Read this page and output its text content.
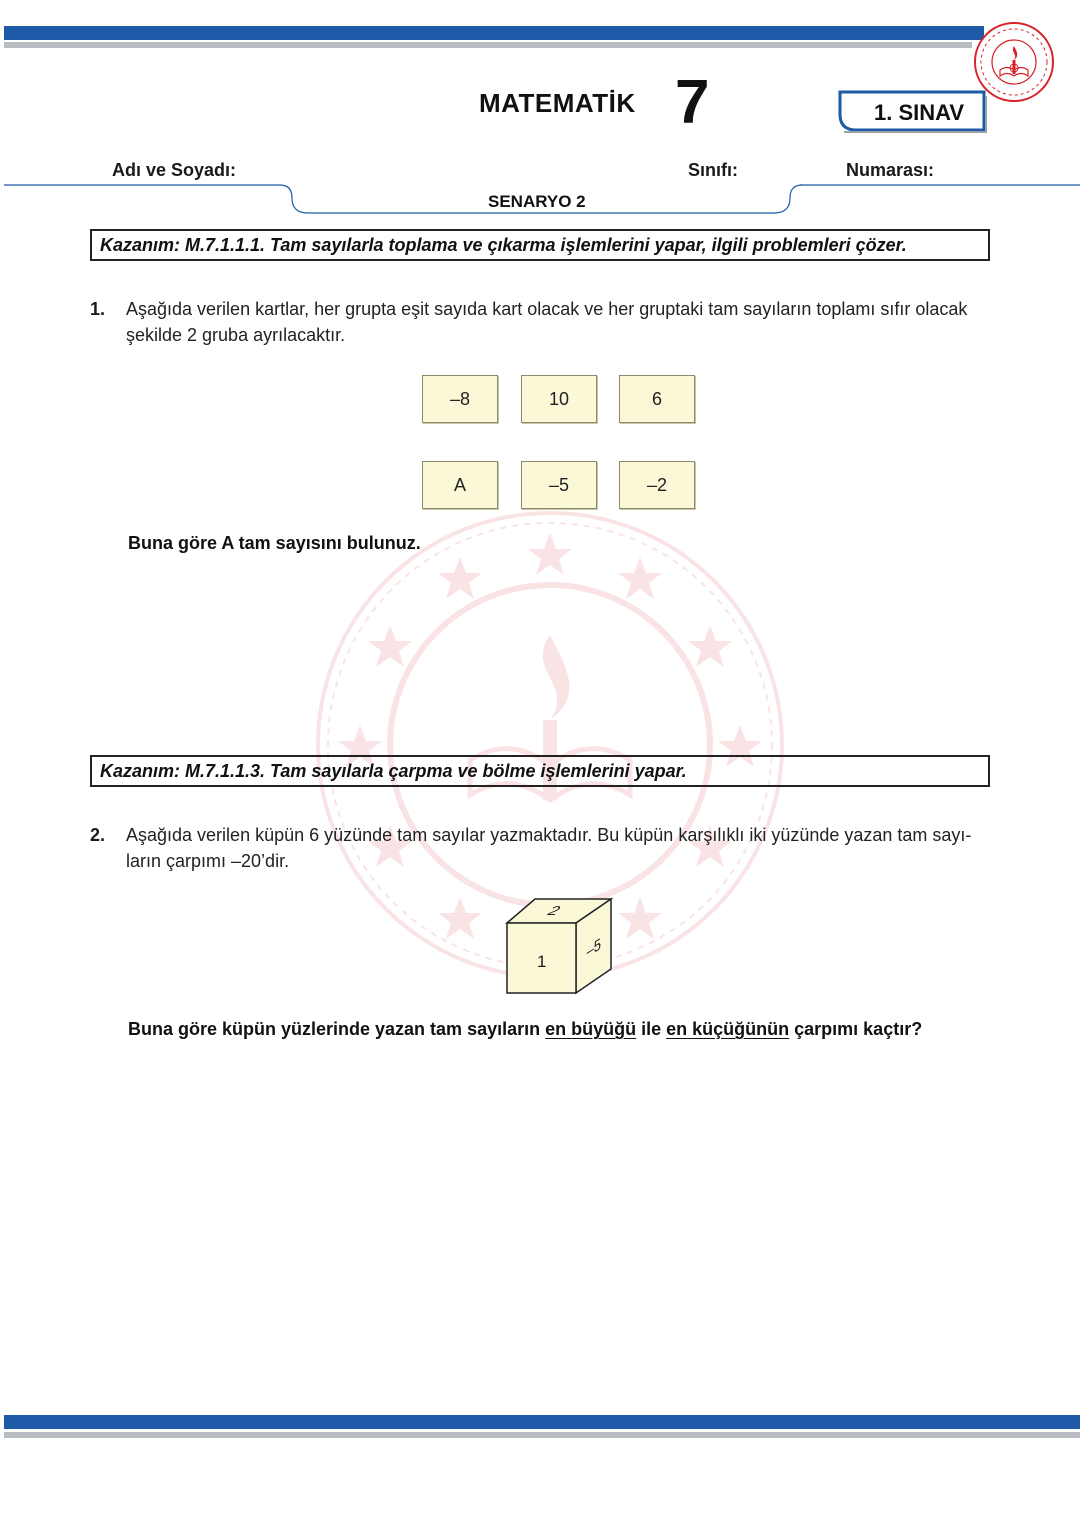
MATEMATİK 7	1. SINAV
Adı ve Soyadı:	Sınıfı:	Numarası:
SENARYO 2
Kazanım: M.7.1.1.1. Tam sayılarla toplama ve çıkarma işlemlerini yapar, ilgili problemleri çözer.
1. Aşağıda verilen kartlar, her grupta eşit sayıda kart olacak ve her gruptaki tam sayıların toplamı sıfır olacak
şekilde 2 gruba ayrılacaktır.
–8	10	6
A	–5	–2
Buna göre A tam sayısını bulunuz.
Kazanım: M.7.1.1.3. Tam sayılarla çarpma ve bölme işlemlerini yapar.
2. Aşağıda verilen küpün 6 yüzünde tam sayılar yazmaktadır. Bu küpün karşılıklı iki yüzünde yazan tam sayı-
ların çarpımı –20’dir.
2
1
–5
Buna göre küpün yüzlerinde yazan tam sayıların en büyüğü ile en küçüğünün çarpımı kaçtır?
